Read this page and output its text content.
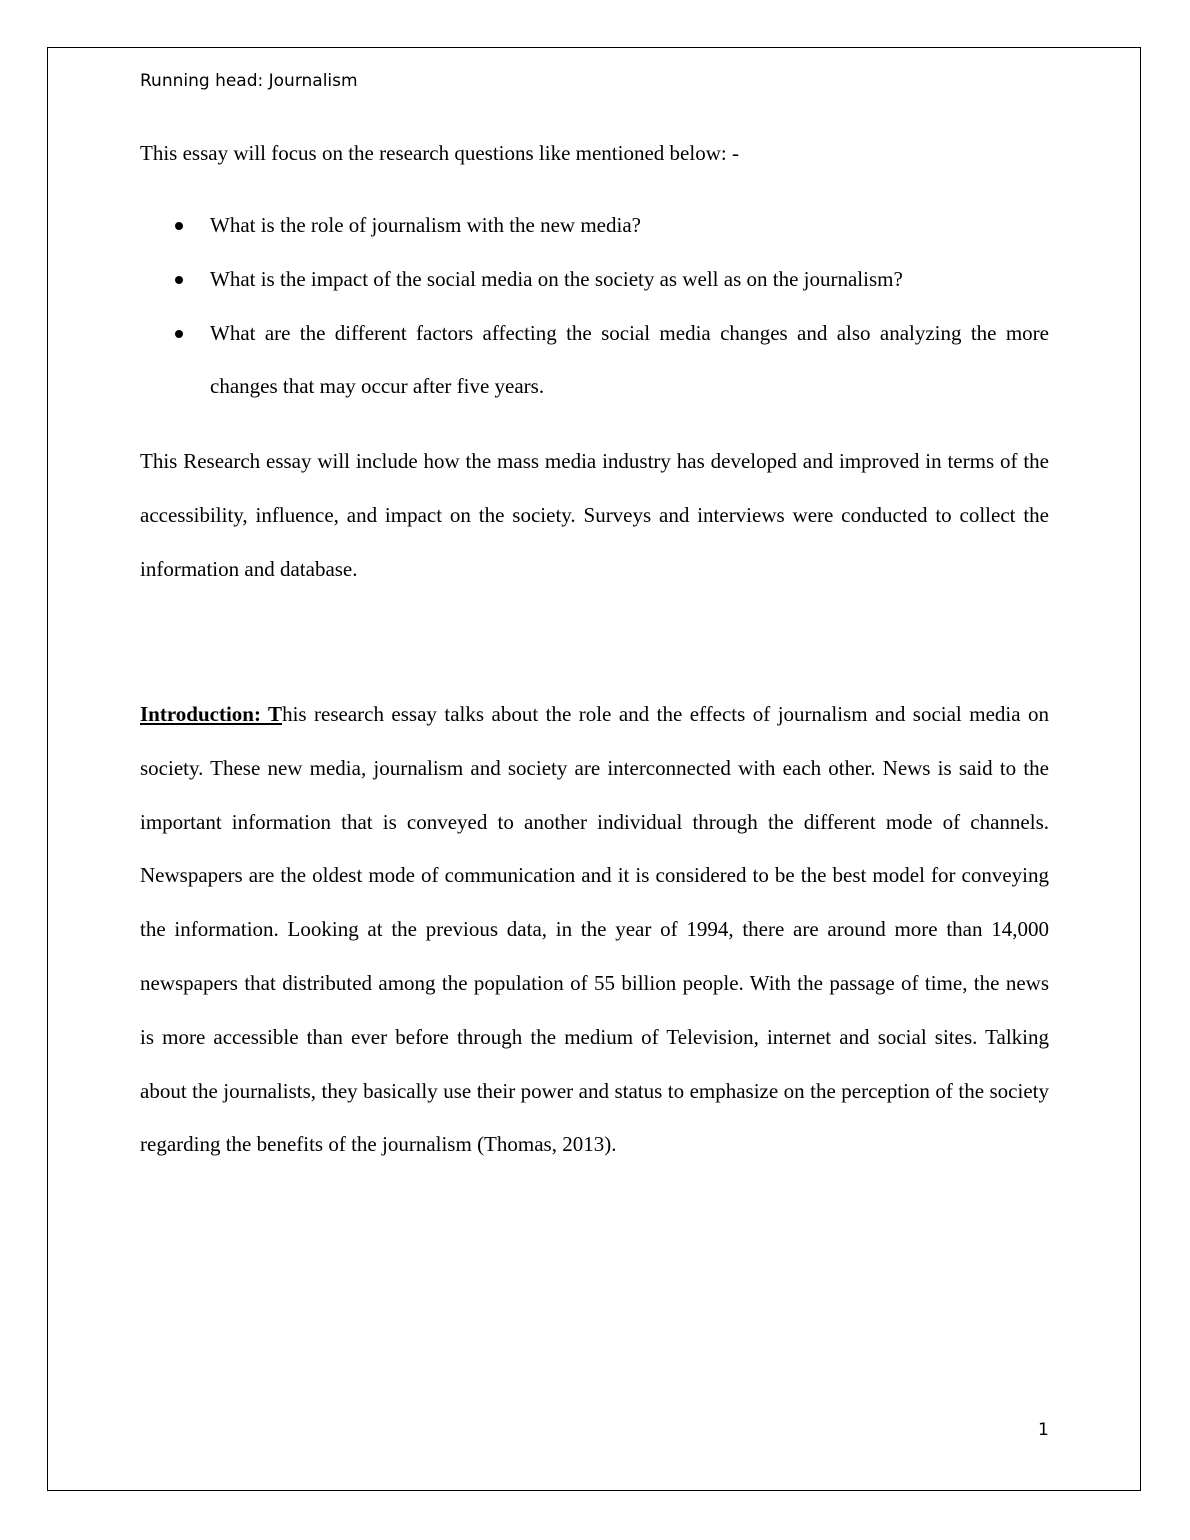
Running head: Journalism

This essay will focus on the research questions like mentioned below: -

What is the role of journalism with the new media?
What is the impact of the social media on the society as well as on the journalism?
What are the different factors affecting the social media changes and also analyzing the more changes that may occur after five years.

This Research essay will include how the mass media industry has developed and improved in terms of the accessibility, influence, and impact on the society. Surveys and interviews were conducted to collect the information and database.

Introduction: This research essay talks about the role and the effects of journalism and social media on society. These new media, journalism and society are interconnected with each other. News is said to the important information that is conveyed to another individual through the different mode of channels. Newspapers are the oldest mode of communication and it is considered to be the best model for conveying the information. Looking at the previous data, in the year of 1994, there are around more than 14,000 newspapers that distributed among the population of 55 billion people. With the passage of time, the news is more accessible than ever before through the medium of Television, internet and social sites. Talking about the journalists, they basically use their power and status to emphasize on the perception of the society regarding the benefits of the journalism (Thomas, 2013).

1
